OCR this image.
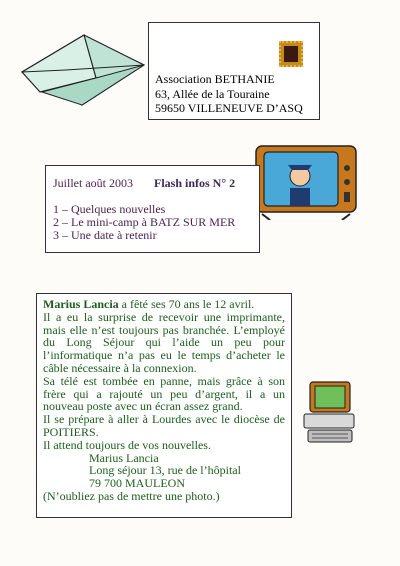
Association BETHANIE
63, Allée de la Touraine
59650 VILLENEUVE D’ASQ
Juillet août 2003 Flash infos N° 2
1 – Quelques nouvelles
2 – Le mini-camp à BATZ SUR MER
3 – Une date à retenir

Marius Lancia a fêté ses 70 ans le 12 avril.

Il a eu la surprise de recevoir une imprimante, mais elle n’est toujours pas branchée. L’employé du Long Séjour qui l’aide un peu pour l’informatique n’a pas eu le temps d’acheter le câble nécessaire à la connexion.

Sa télé est tombée en panne, mais grâce à son frère qui a rajouté un peu d’argent, il a un nouveau poste avec un écran assez grand.

Il se prépare à aller à Lourdes avec le diocèse de POITIERS.

Il attend toujours de vos nouvelles.

Marius Lancia

Long séjour 13, rue de l’hôpital

79 700 MAULEON

(N’oubliez pas de mettre une photo.)
